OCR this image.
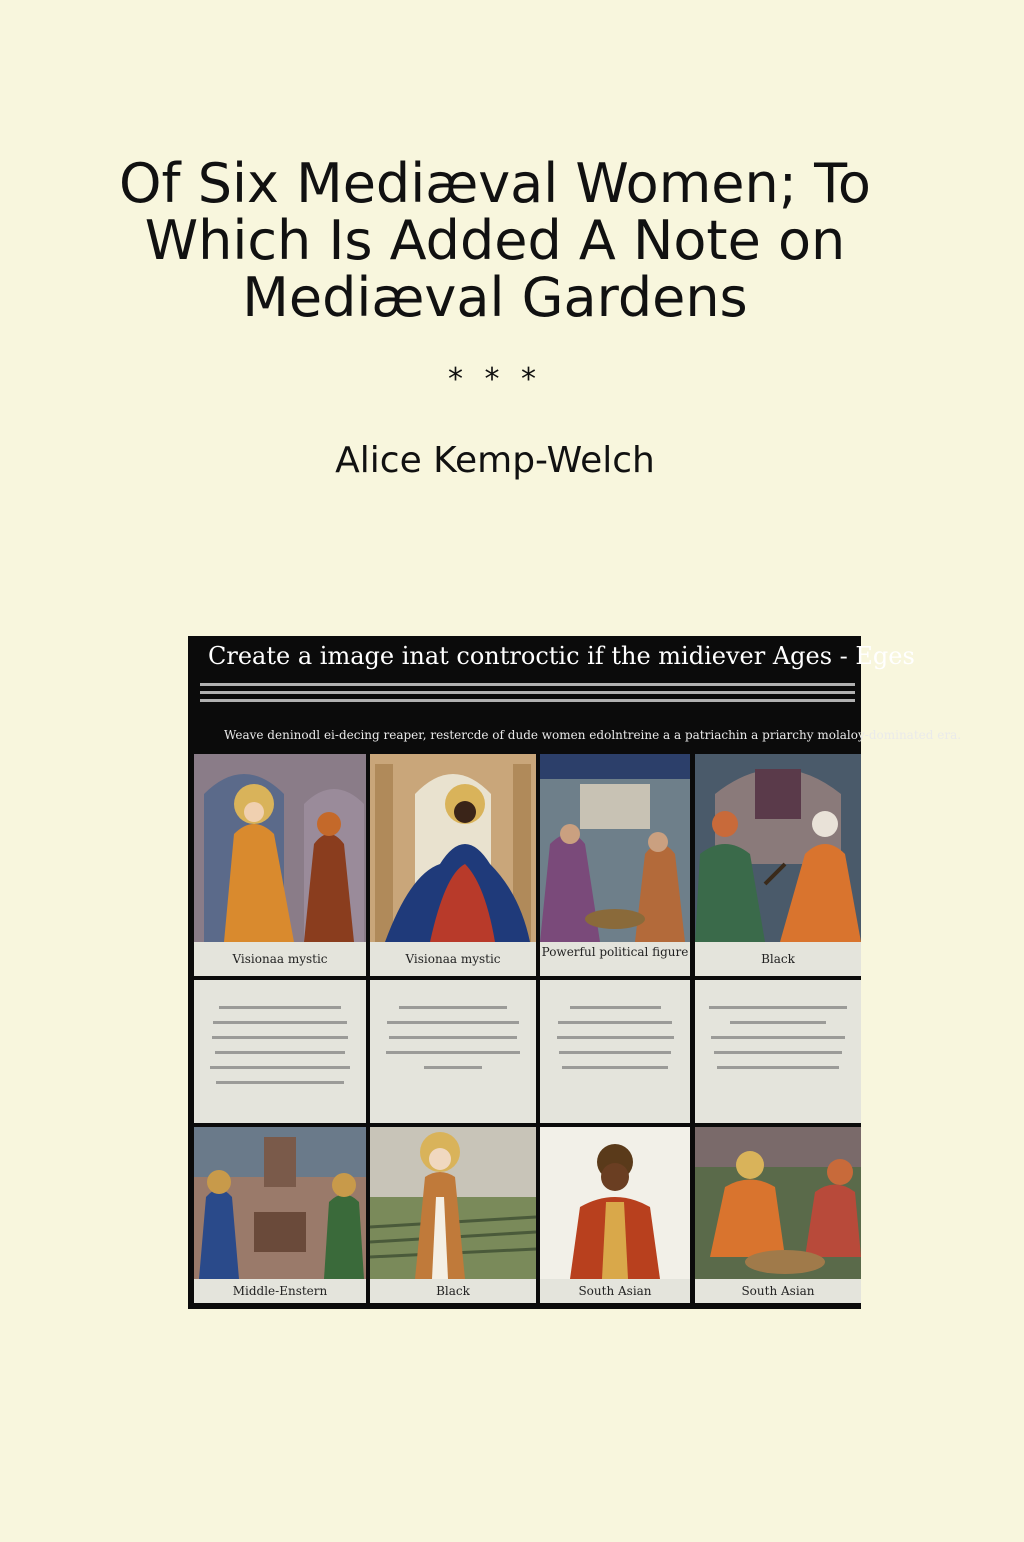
Of Six Mediæval Women; To Which Is Added A Note on Mediæval Gardens
* * *
Alice Kemp-Welch
Create a image inat controctic if the midiever Ages - Eges
Weave deninodl ei-decing reaper, restercde of dude women edolntreine a a patriachin a priarchy molaloy-dominated era.
Visionaa mystic	Visionaa mystic	Powerful political figure	Black
Middle-Enstern	Black	South Asian	South Asian
